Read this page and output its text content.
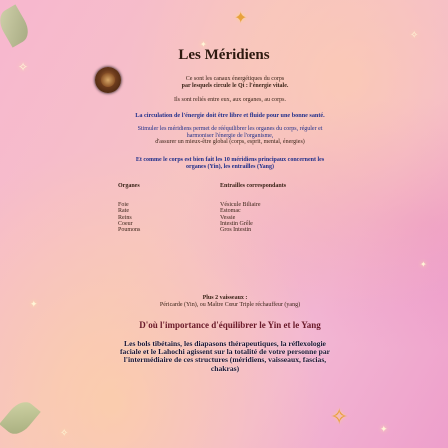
✦
✧
✦
✧
✦
✧	✦
✧
✦
Les Méridiens
Ce sont les canaux énergétiques du corps
par lesquels circule le Qi : l'énergie vitale.
Ils sont reliés entre eux, aux organes, au corps.
La circulation de l'énergie doit être libre et fluide pour une bonne santé.
Stimuler les méridiens permet de rééquilibrer les organes du corps, réguler et
harmoniser l'énergie de l'organisme,
d'assurer un mieux-être global (corps, esprit, mental, énergies)
Et comme le corps est bien fait les 10 méridiens principaux concernent les
organes (Yin), les entrailles (Yang)
Organes	Entrailles correspondants
Foie	Vésicule Biliaire
Rate	Estomac
Reins	Vessie
Coeur	Intestin Grêle
Poumons	Gros Intestin
Plus 2 vaisseaux :
Péricarde (Yin), ou Maître Cœur Triple réchauffeur (yang)
D'où l'importance d'équilibrer le Yin et le Yang
Les bols tibétains, les diapasons thérapeutiques, la réflexologie
faciale et le Lahochi agissent sur la totalité de votre personne par
l'intermédiaire de ces structures (méridiens, vaisseaux, fascias,
chakras)
